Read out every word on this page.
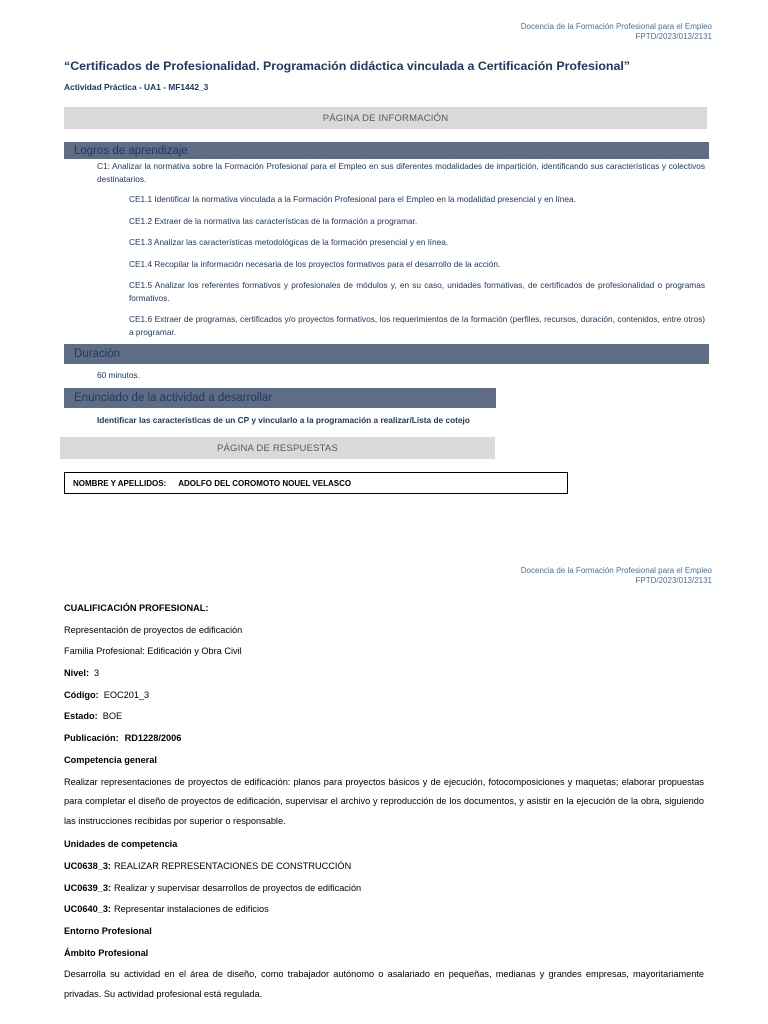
Docencia de la Formación Profesional para el Empleo
FPTD/2023/013/2131
“Certificados de Profesionalidad. Programación didáctica vinculada a Certificación Profesional”
Actividad Práctica - UA1 - MF1442_3
PÁGINA DE INFORMACIÓN
Logros de aprendizaje
C1: Analizar la normativa sobre la Formación Profesional para el Empleo en sus diferentes modalidades de impartición, identificando sus características y colectivos destinatarios.
CE1.1 Identificar la normativa vinculada a la Formación Profesional para el Empleo en la modalidad presencial y en línea.
CE1.2 Extraer de la normativa las características de la formación a programar.
CE1.3 Analizar las características metodológicas de la formación presencial y en línea.
CE1.4 Recopilar la información necesaria de los proyectos formativos para el desarrollo de la acción.
CE1.5 Analizar los referentes formativos y profesionales de módulos y, en su caso, unidades formativas, de certificados de profesionalidad o programas formativos.
CE1.6 Extraer de programas, certificados y/o proyectos formativos, los requerimientos de la formación (perfiles, recursos, duración, contenidos, entre otros) a programar.
Duración
60 minutos.
Enunciado de la actividad a desarrollar
Identificar las características de un CP y vincularlo a la programación a realizar/Lista de cotejo
PÁGINA DE RESPUESTAS
NOMBRE Y APELLIDOS: ADOLFO DEL COROMOTO NOUEL VELASCO
Docencia de la Formación Profesional para el Empleo
FPTD/2023/013/2131
CUALIFICACIÓN PROFESIONAL:
Representación de proyectos de edificación
Familia Profesional: Edificación y Obra Civil
Nivel: 3
Código: EOC201_3
Estado: BOE
Publicación: RD1228/2006
Competencia general
Realizar representaciones de proyectos de edificación: planos para proyectos básicos y de ejecución, fotocomposiciones y maquetas; elaborar propuestas para completar el diseño de proyectos de edificación, supervisar el archivo y reproducción de los documentos, y asistir en la ejecución de la obra, siguiendo las instrucciones recibidas por superior o responsable.
Unidades de competencia
UC0638_3: REALIZAR REPRESENTACIONES DE CONSTRUCCIÓN
UC0639_3: Realizar y supervisar desarrollos de proyectos de edificación
UC0640_3: Representar instalaciones de edificios
Entorno Profesional
Ámbito Profesional
Desarrolla su actividad en el área de diseño, como trabajador autónomo o asalariado en pequeñas, medianas y grandes empresas, mayoritariamente privadas. Su actividad profesional está regulada.
